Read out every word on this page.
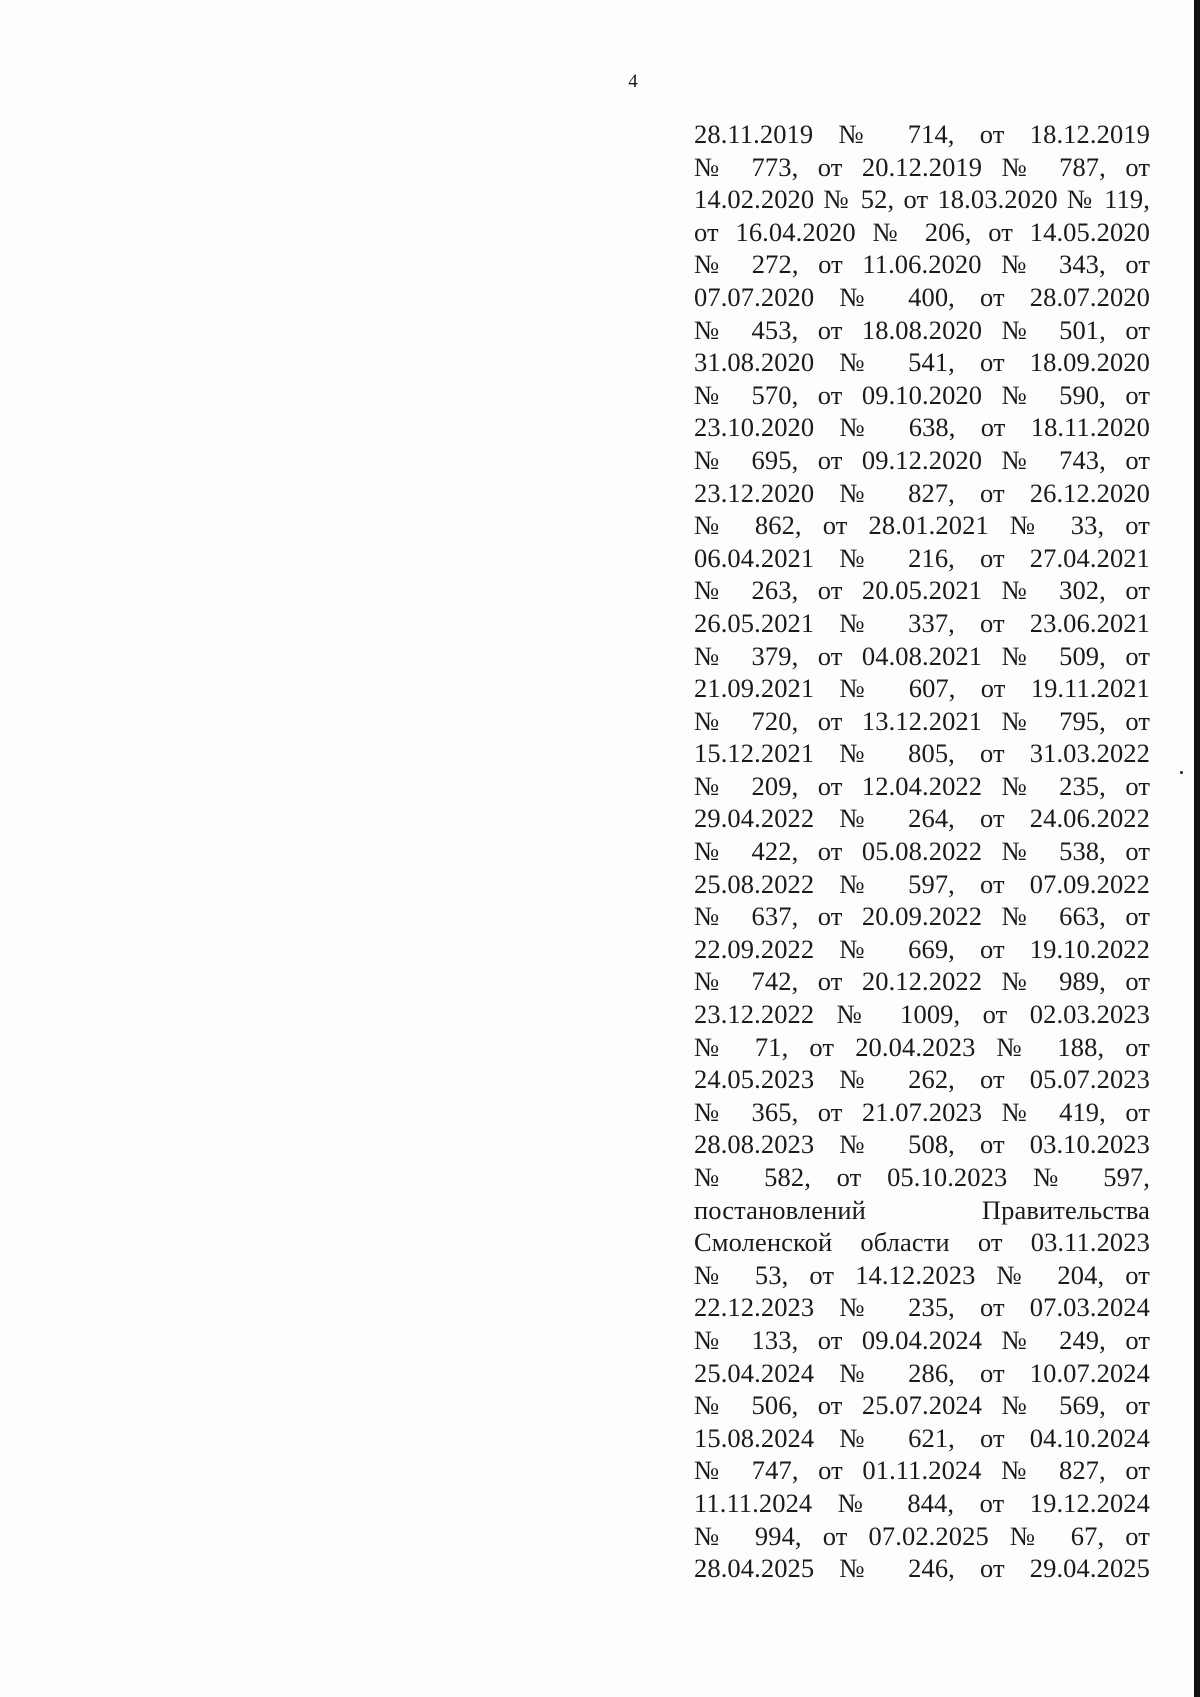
4
28.11.2019 № 714, от 18.12.2019
№ 773, от 20.12.2019 № 787, от
14.02.2020 № 52, от 18.03.2020 № 119,
от 16.04.2020 № 206, от 14.05.2020
№ 272, от 11.06.2020 № 343, от
07.07.2020 № 400, от 28.07.2020
№ 453, от 18.08.2020 № 501, от
31.08.2020 № 541, от 18.09.2020
№ 570, от 09.10.2020 № 590, от
23.10.2020 № 638, от 18.11.2020
№ 695, от 09.12.2020 № 743, от
23.12.2020 № 827, от 26.12.2020
№ 862, от 28.01.2021 № 33, от
06.04.2021 № 216, от 27.04.2021
№ 263, от 20.05.2021 № 302, от
26.05.2021 № 337, от 23.06.2021
№ 379, от 04.08.2021 № 509, от
21.09.2021 № 607, от 19.11.2021
№ 720, от 13.12.2021 № 795, от
15.12.2021 № 805, от 31.03.2022
№ 209, от 12.04.2022 № 235, от
29.04.2022 № 264, от 24.06.2022
№ 422, от 05.08.2022 № 538, от
25.08.2022 № 597, от 07.09.2022
№ 637, от 20.09.2022 № 663, от
22.09.2022 № 669, от 19.10.2022
№ 742, от 20.12.2022 № 989, от
23.12.2022 № 1009, от 02.03.2023
№ 71, от 20.04.2023 № 188, от
24.05.2023 № 262, от 05.07.2023
№ 365, от 21.07.2023 № 419, от
28.08.2023 № 508, от 03.10.2023
№ 582, от 05.10.2023 № 597,
постановлений Правительства
Смоленской области от 03.11.2023
№ 53, от 14.12.2023 № 204, от
22.12.2023 № 235, от 07.03.2024
№ 133, от 09.04.2024 № 249, от
25.04.2024 № 286, от 10.07.2024
№ 506, от 25.07.2024 № 569, от
15.08.2024 № 621, от 04.10.2024
№ 747, от 01.11.2024 № 827, от
11.11.2024 № 844, от 19.12.2024
№ 994, от 07.02.2025 № 67, от
28.04.2025 № 246, от 29.04.2025
